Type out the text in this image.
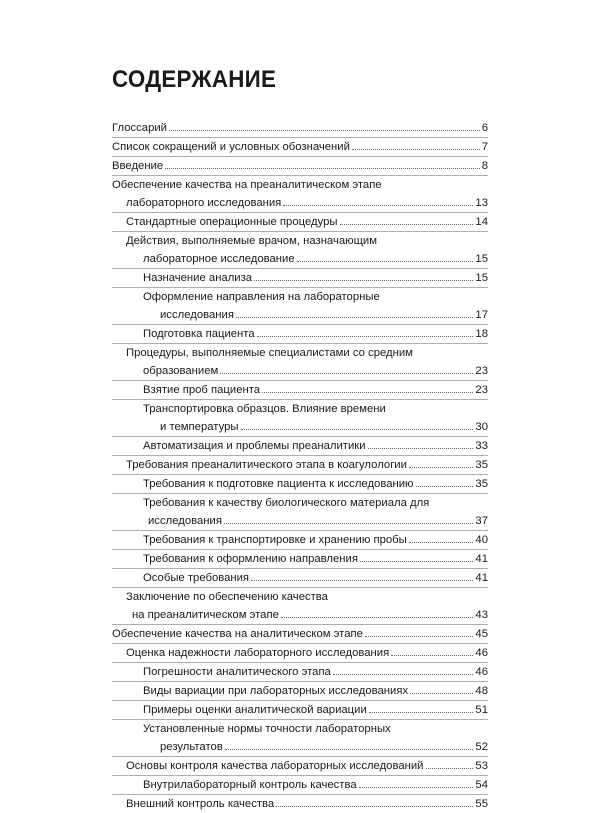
СОДЕРЖАНИЕ
Глоссарий	6
Список сокращений и условных обозначений	7
Введение	8
Обеспечение качества на преаналитическом этапе
лабораторного исследования	13
Стандартные операционные процедуры	14
Действия, выполняемые врачом, назначающим
лабораторное исследование	15
Назначение анализа	15
Оформление направления на лабораторные
исследования	17
Подготовка пациента	18
Процедуры, выполняемые специалистами со средним
образованием	23
Взятие проб пациента	23
Транспортировка образцов. Влияние времени
и температуры	30
Автоматизация и проблемы преаналитики	33
Требования преаналитического этапа в коагулологии	35
Требования к подготовке пациента к исследованию	35
Требования к качеству биологического материала для
исследования	37
Требования к транспортировке и хранению пробы	40
Требования к оформлению направления	41
Особые требования	41
Заключение по обеспечению качества
на преаналитическом этапе	43
Обеспечение качества на аналитическом этапе	45
Оценка надежности лабораторного исследования	46
Погрешности аналитического этапа	46
Виды вариации при лабораторных исследованиях	48
Примеры оценки аналитической вариации	51
Установленные нормы точности лабораторных
результатов	52
Основы контроля качества лабораторных исследований	53
Внутрилабораторный контроль качества	54
Внешний контроль качества	55
